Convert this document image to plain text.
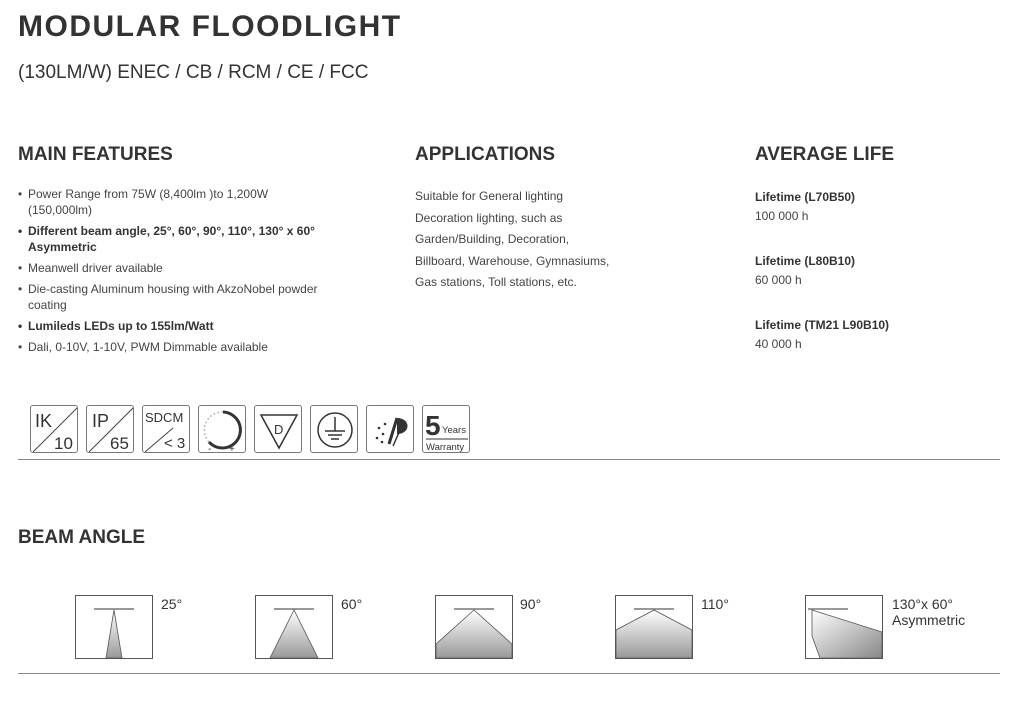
MODULAR FLOODLIGHT
(130LM/W) ENEC / CB / RCM / CE / FCC
MAIN FEATURES	APPLICATIONS	AVERAGE LIFE
• Power Range from 75W (8,400lm )to 1,200W (150,000lm)
• Different beam angle, 25°, 60°, 90°, 110°, 130° x 60° Asymmetric
• Meanwell driver available
• Die-casting Aluminum housing with AkzoNobel powder coating
• Lumileds LEDs up to 155lm/Watt
• Dali, 0-10V, 1-10V, PWM Dimmable available
Suitable for General lighting
Decoration lighting, such as
Garden/Building, Decoration,
Billboard, Warehouse, Gymnasiums,
Gas stations, Toll stations, etc.
Lifetime (L70B50)
100 000 h
Lifetime (L80B10)
60 000 h
Lifetime (TM21 L90B10)
40 000 h
IK
10
IP
65
SDCM
< 3 - +
D	5 Years
Warranty
BEAM ANGLE
25°	60°	90°	110°	130°x 60°
Asymmetric
